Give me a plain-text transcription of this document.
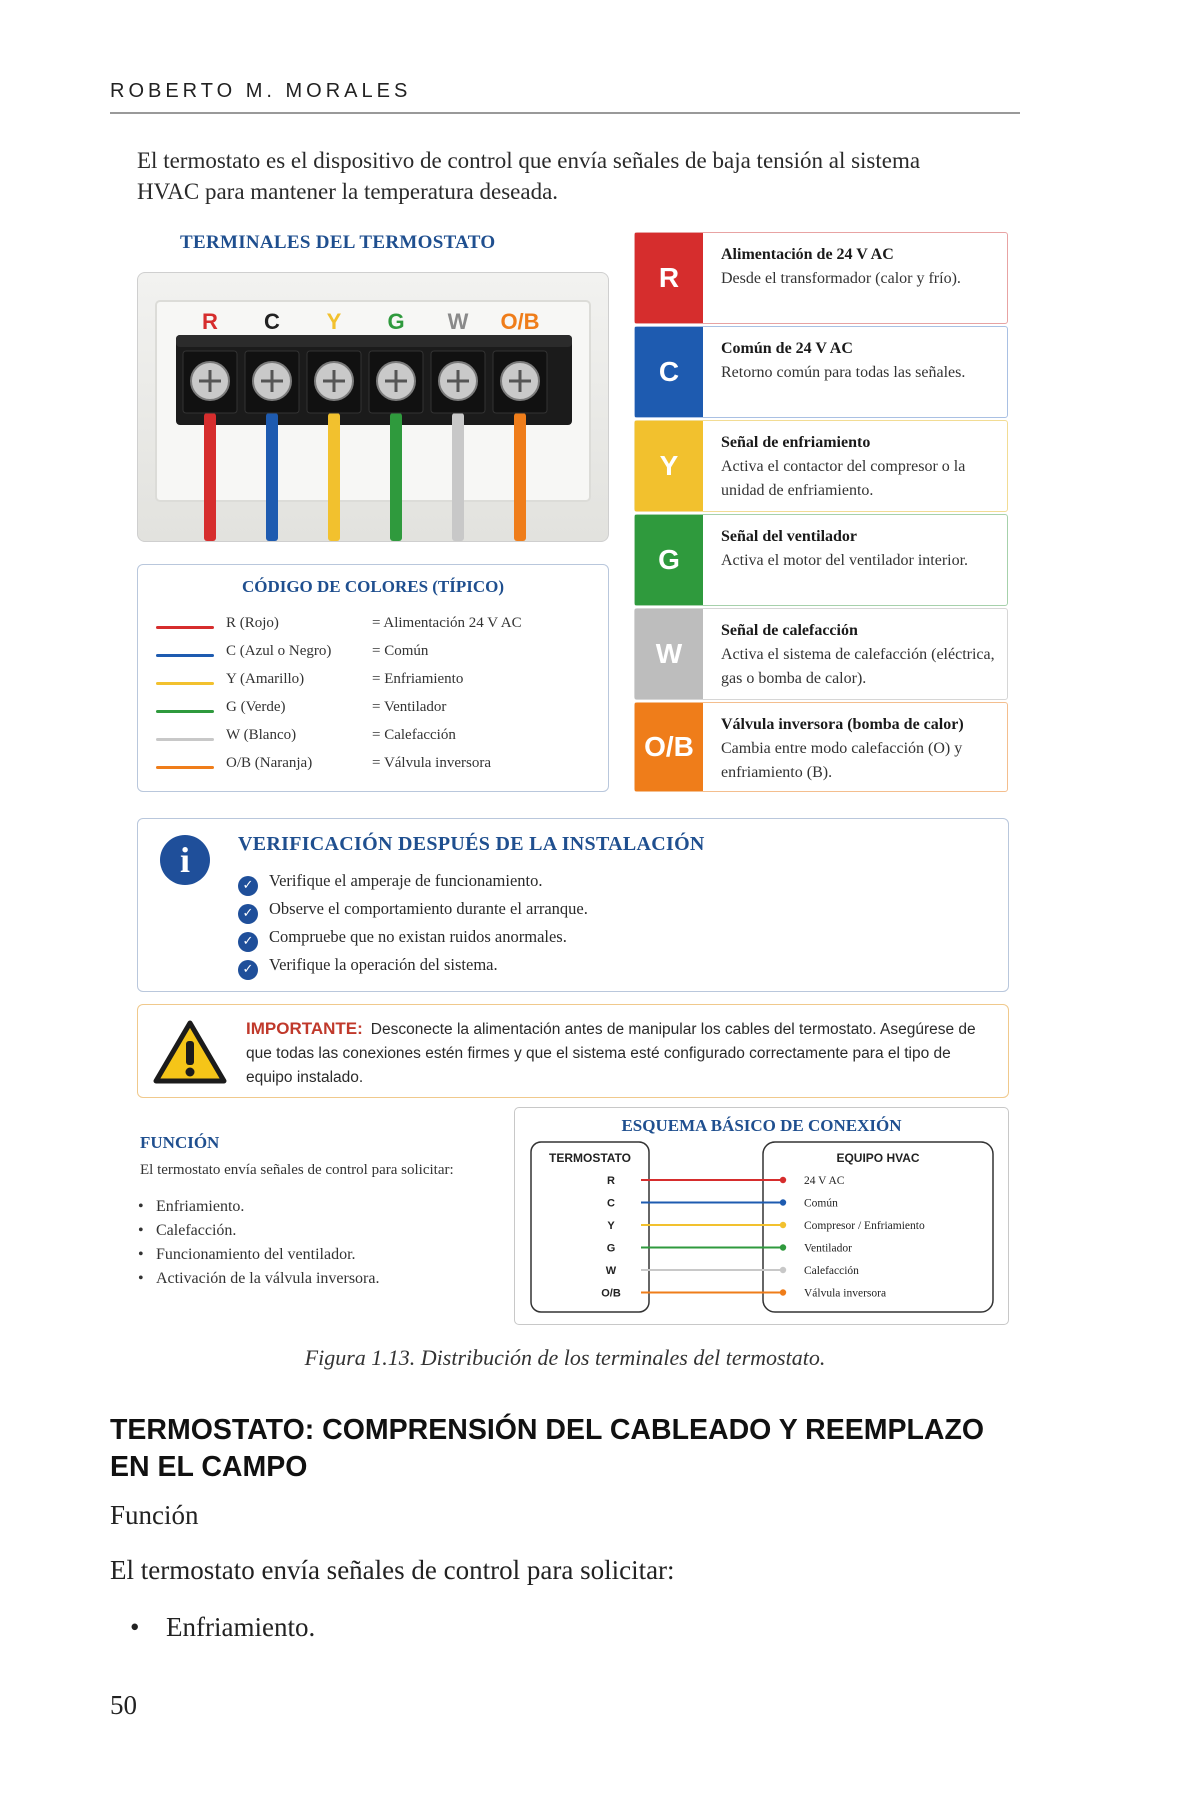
ROBERTO M. MORALES
El termostato es el dispositivo de control que envía señales de baja tensión al sistema HVAC para mantener la temperatura deseada.
TERMINALES DEL TERMOSTATO
R C Y G W O/B
CÓDIGO DE COLORES (TÍPICO)
R (Rojo)	= Alimentación 24 V AC
C (Azul o Negro)	= Común
Y (Amarillo)	= Enfriamiento
G (Verde)	= Ventilador
W (Blanco)	= Calefacción
O/B (Naranja)	= Válvula inversora
R
Alimentación de 24 V AC
Desde el transformador (calor y frío).
C
Común de 24 V AC
Retorno común para todas las señales.
Y
Señal de enfriamiento
Activa el contactor del compresor o la unidad de enfriamiento.
G
Señal del ventilador
Activa el motor del ventilador interior.
W
Señal de calefacción
Activa el sistema de calefacción (eléctrica, gas o bomba de calor).
O/B
Válvula inversora (bomba de calor)
Cambia entre modo calefacción (O) y enfriamiento (B).
i	VERIFICACIÓN DESPUÉS DE LA INSTALACIÓN
✓ Verifique el amperaje de funcionamiento.
✓ Observe el comportamiento durante el arranque.
✓ Compruebe que no existan ruidos anormales.
✓ Verifique la operación del sistema.
IMPORTANTE: Desconecte la alimentación antes de manipular los cables del termostato. Asegúrese de que todas las conexiones estén firmes y que el sistema esté configurado correctamente para el tipo de equipo instalado.
FUNCIÓN
El termostato envía señales de control para solicitar:
• Enfriamiento.
• Calefacción.
• Funcionamiento del ventilador.
• Activación de la válvula inversora.
ESQUEMA BÁSICO DE CONEXIÓN
TERMOSTATO	EQUIPO HVAC
R	24 V AC
C	Común
Y	Compresor / Enfriamiento
G	Ventilador
W	Calefacción
O/B	Válvula inversora
Figura 1.13. Distribución de los terminales del termostato.
TERMOSTATO: COMPRENSIÓN DEL CABLEADO Y REEMPLAZO EN EL CAMPO
Función
El termostato envía señales de control para solicitar:
• Enfriamiento.
50
